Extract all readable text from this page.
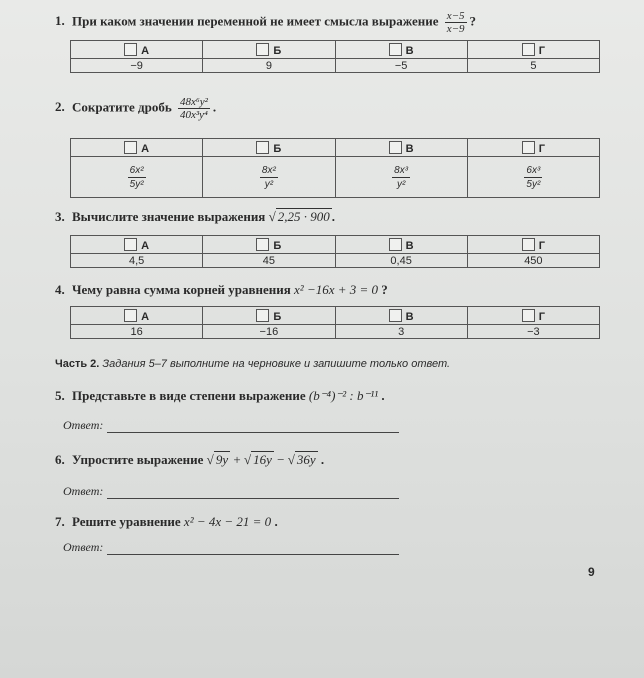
1. При каком значении переменной не имеет смысла выражение $\frac{x-5}{x-9}$ ?
А	Б	В	Г
−9	9	−5	5
2. Сократите дробь $\frac{\text{48x⁶y²}}{\text{40x³y⁴}}$ .
А	Б	В	Г

$\frac{\text{6x²}}{\text{5y²}}$	$\frac{\text{8x²}}{\text{y²}}$	$\frac{\text{8x³}}{\text{y²}}$	$\frac{\text{6x³}}{\text{5y²}}$
3. Вычислите значение выражения √ 2,25 · 900 .
А	Б	В	Г
4,5	45	0,45	450
4. Чему равна сумма корней уравнения x² −16x + 3 = 0 ?
А	Б	В	Г
16	−16	3	−3
Часть 2. Задания 5–7 выполните на черновике и запишите только ответ.
5. Представьте в виде степени выражение (b⁻⁴)⁻² : b⁻¹¹ .
Ответ:
6. Упростите выражение √ 9y + √ 16y − √ 36y .
Ответ:
7. Решите уравнение x² − 4x − 21 = 0 .
Ответ:
9
